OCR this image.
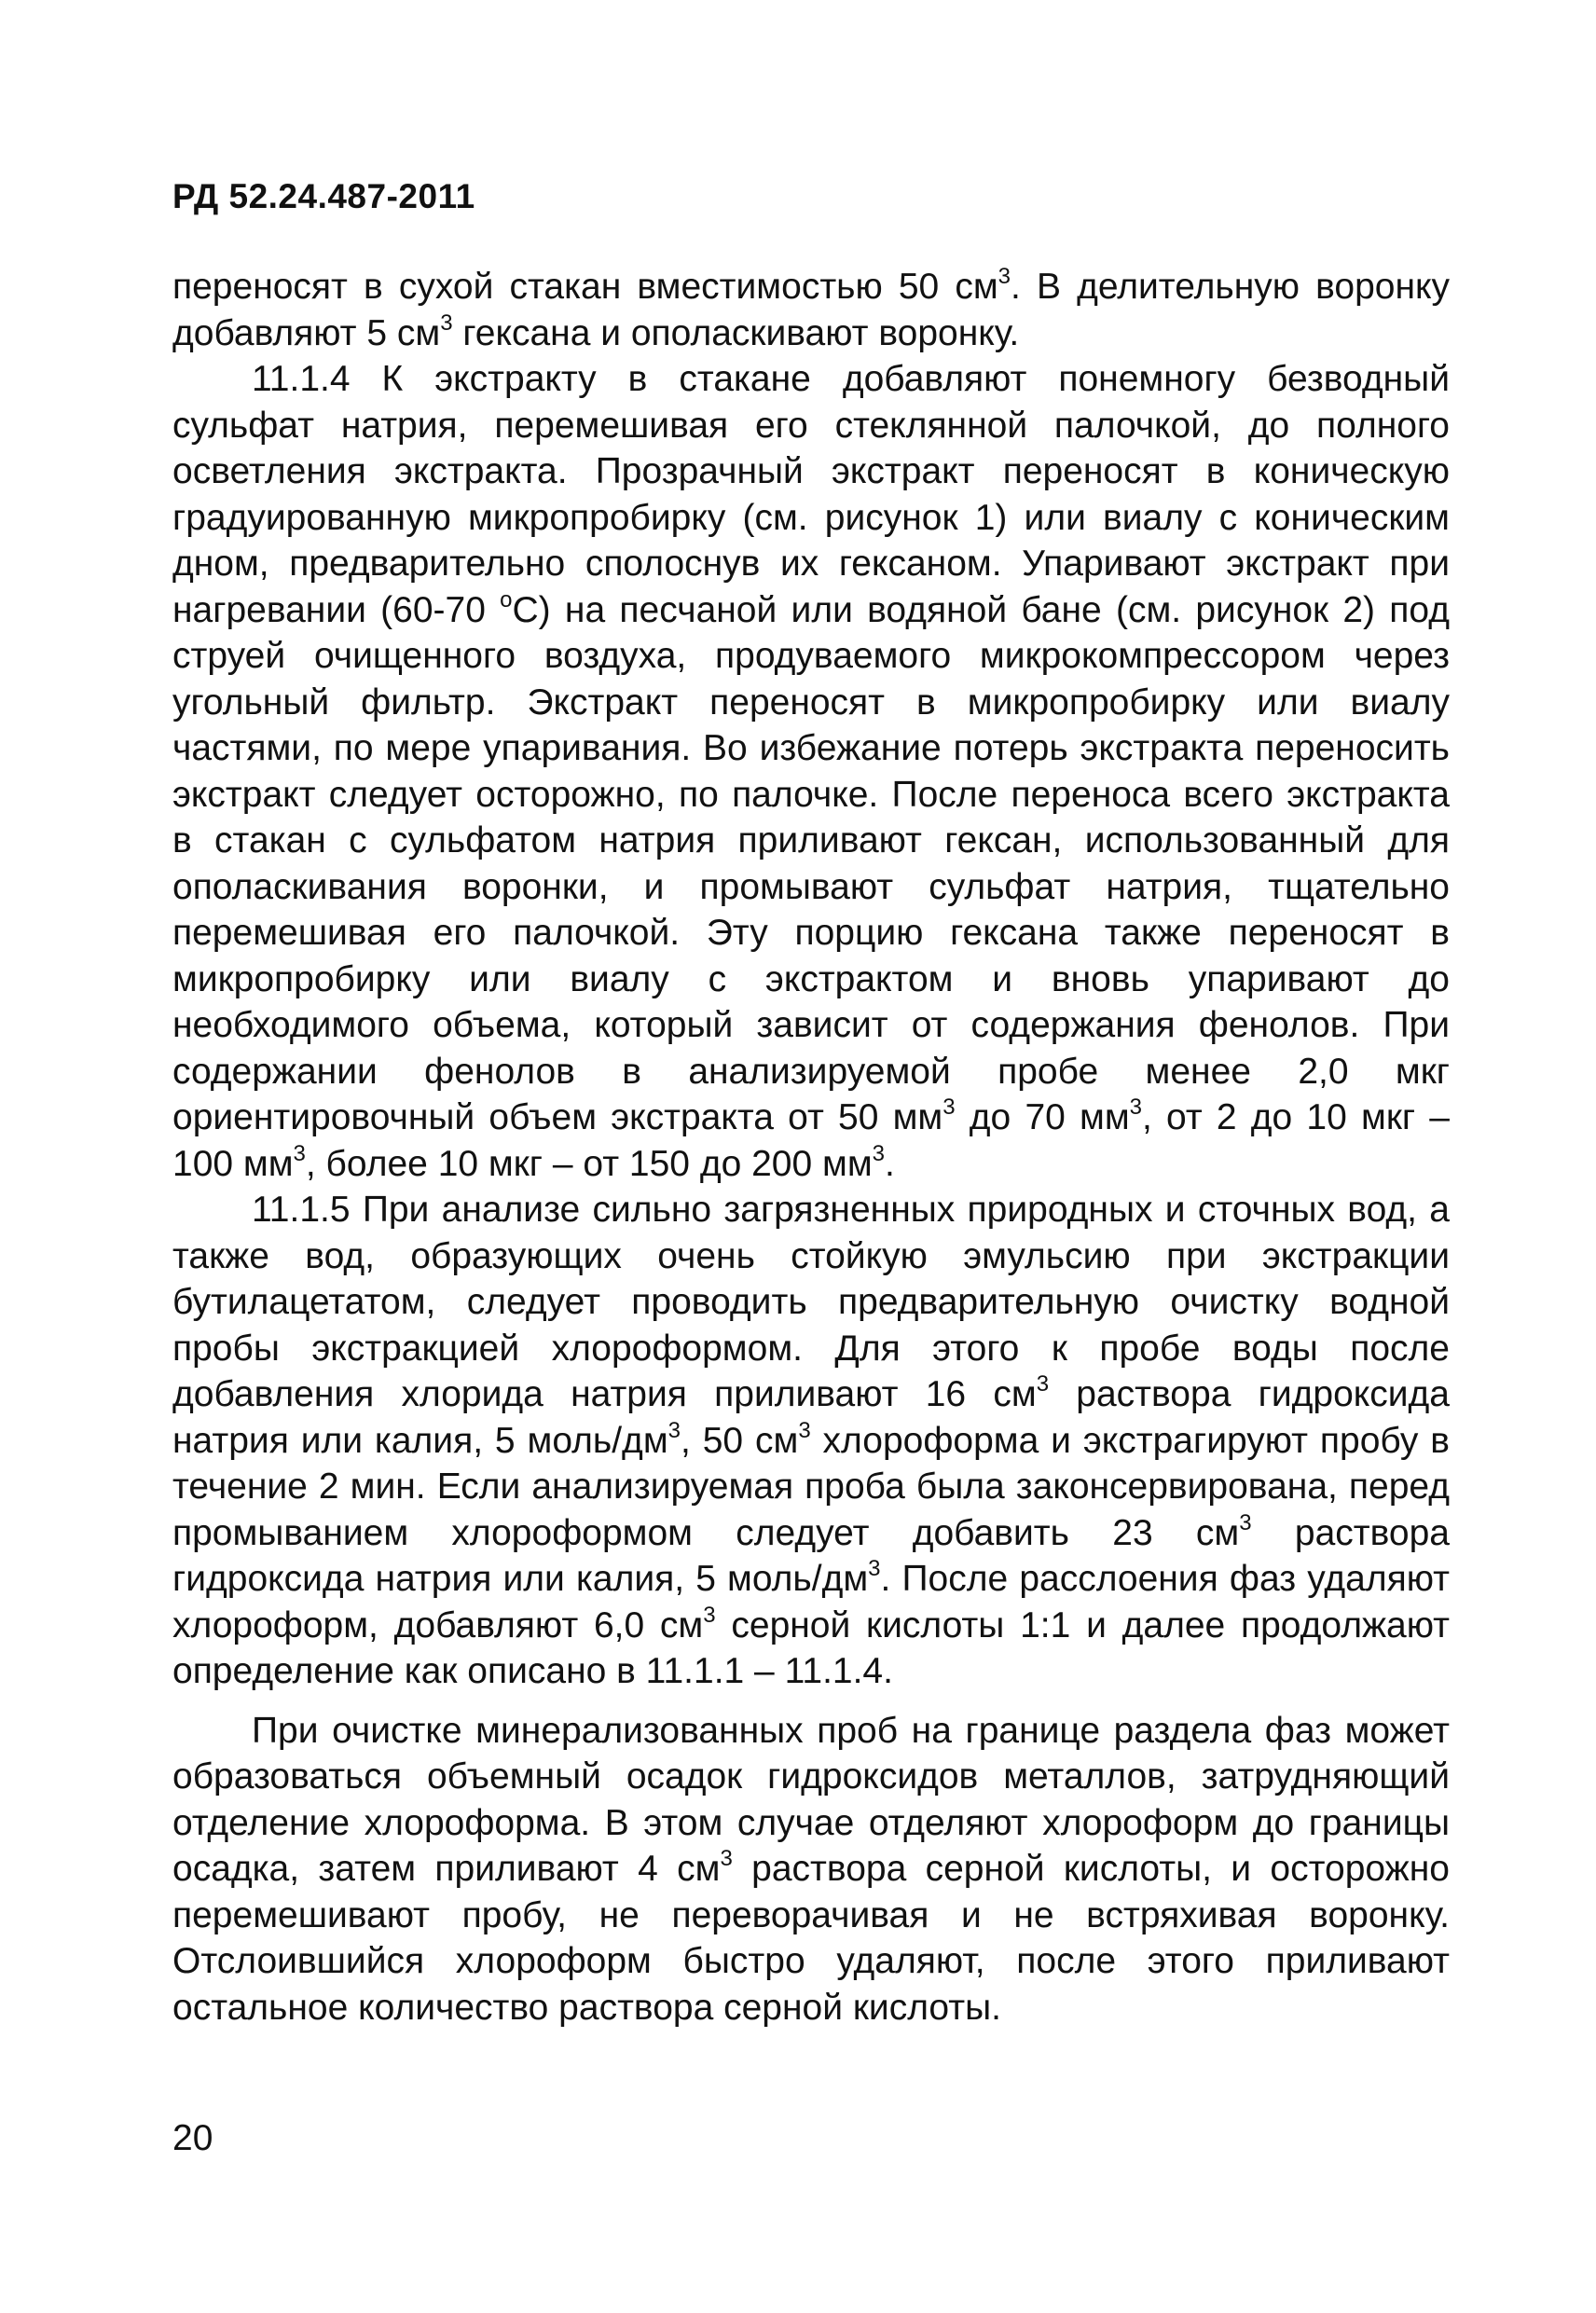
РД 52.24.487-2011

переносят в сухой стакан вместимостью 50 $см^3$. В делительную воронку добавляют 5 $см^3$ гексана и ополаскивают воронку.

11.1.4 К экстракту в стакане добавляют понемногу безводный сульфат натрия, перемешивая его стеклянной палочкой, до полного осветления экстракта. Прозрачный экстракт переносят в коническую градуированную микропробирку (см. рисунок 1) или виалу с коническим дном, предварительно сполоснув их гексаном. Упаривают экстракт при нагревании (60-70 $^о$С) на песчаной или водяной бане (см. рисунок 2) под струей очищенного воздуха, продуваемого микрокомпрессором через угольный фильтр. Экстракт переносят в микропробирку или виалу частями, по мере упаривания. Во избежание потерь экстракта переносить экстракт следует осторожно, по палочке. После переноса всего экстракта в стакан с сульфатом натрия приливают гексан, использованный для ополаскивания воронки, и промывают сульфат натрия, тщательно перемешивая его палочкой. Эту порцию гексана также переносят в микропробирку или виалу с экстрактом и вновь упаривают до необходимого объема, который зависит от содержания фенолов. При содержании фенолов в анализируемой пробе менее 2,0 мкг ориентировочный объем экстракта от 50 $мм^3$ до 70 $мм^3$, от 2 до 10 мкг – 100 $мм^3$, более 10 мкг – от 150 до 200 $мм^3$.

11.1.5 При анализе сильно загрязненных природных и сточных вод, а также вод, образующих очень стойкую эмульсию при экстракции бутилацетатом, следует проводить предварительную очистку водной пробы экстракцией хлороформом. Для этого к пробе воды после добавления хлорида натрия приливают 16 $см^3$ раствора гидроксида натрия или калия, 5 моль/$дм^3$, 50 $см^3$ хлороформа и экстрагируют пробу в течение 2 мин. Если анализируемая проба была законсервирована, перед промыванием хлороформом следует добавить 23 $см^3$ раствора гидроксида натрия или калия, 5 моль/$дм^3$. После расслоения фаз удаляют хлороформ, добавляют 6,0 $см^3$ серной кислоты 1:1 и далее продолжают определение как описано в 11.1.1 – 11.1.4.

При очистке минерализованных проб на границе раздела фаз может образоваться объемный осадок гидроксидов металлов, затрудняющий отделение хлороформа. В этом случае отделяют хлороформ до границы осадка, затем приливают 4 $см^3$ раствора серной кислоты, и осторожно перемешивают пробу, не переворачивая и не встряхивая воронку. Отслоившийся хлороформ быстро удаляют, после этого приливают остальное количество раствора серной кислоты.

20
